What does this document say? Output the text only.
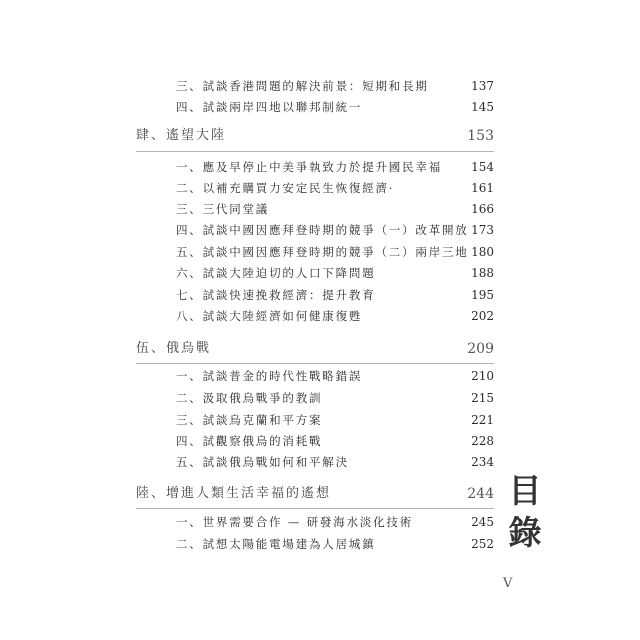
三、試談香港問題的解決前景：短期和長期	137
四、試談兩岸四地以聯邦制統一	145
肆、遙望大陸	153
一、應及早停止中美爭執致力於提升國民幸福 154
二、以補充購買力安定民生恢復經濟·	161
三、三代同堂議	166
四、試談中國因應拜登時期的競爭（一）改革開放 173
五、試談中國因應拜登時期的競爭（二）兩岸三地 180
六、試談大陸迫切的人口下降問題	188
七、試談快速挽救經濟：提升教育	195
八、試談大陸經濟如何健康復甦	202
伍、俄烏戰	209
一、試談普金的時代性戰略錯誤	210
二、汲取俄烏戰爭的教訓	215
三、試談烏克蘭和平方案	221
四、試觀察俄烏的消耗戰	228
五、試談俄烏戰如何和平解決	234
陸、增進人類生活幸福的遙想	244
一、世界需要合作 — 研發海水淡化技術	245
二、試想太陽能電場建為人居城鎮	252
目
錄
V
